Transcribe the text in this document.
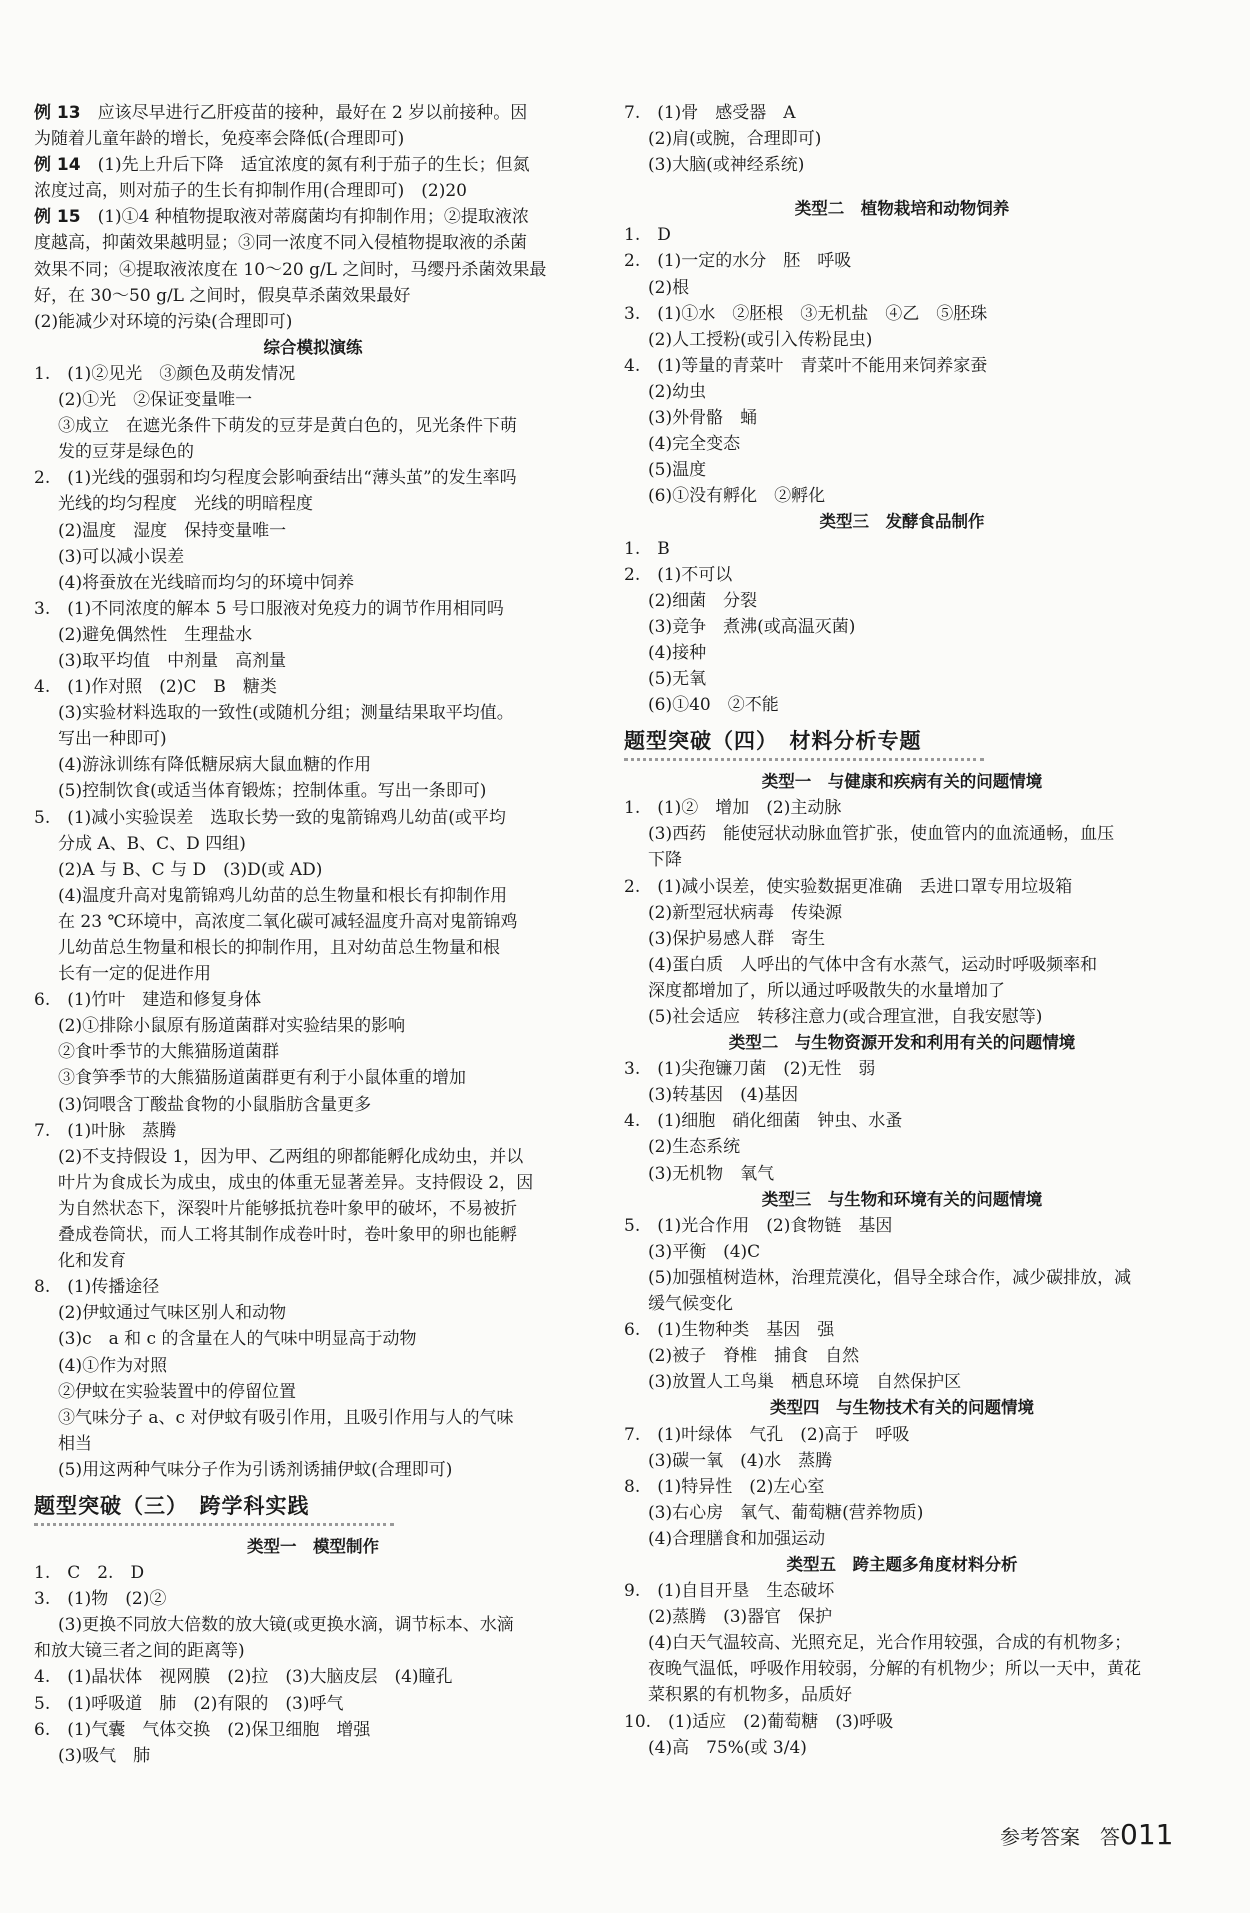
例 13　应该尽早进行乙肝疫苗的接种，最好在 2 岁以前接种。因
为随着儿童年龄的增长，免疫率会降低(合理即可)
例 14　(1)先上升后下降　适宜浓度的氮有利于茄子的生长；但氮
浓度过高，则对茄子的生长有抑制作用(合理即可)　(2)20
例 15　(1)①4 种植物提取液对蒂腐菌均有抑制作用；②提取液浓
度越高，抑菌效果越明显；③同一浓度不同入侵植物提取液的杀菌
效果不同；④提取液浓度在 10～20 g/L 之间时，马缨丹杀菌效果最
好，在 30～50 g/L 之间时，假臭草杀菌效果最好
(2)能减少对环境的污染(合理即可)
综合模拟演练
1.　(1)②见光　③颜色及萌发情况
(2)①光　②保证变量唯一
③成立　在遮光条件下萌发的豆芽是黄白色的，见光条件下萌
发的豆芽是绿色的
2.　(1)光线的强弱和均匀程度会影响蚕结出“薄头茧”的发生率吗
光线的均匀程度　光线的明暗程度
(2)温度　湿度　保持变量唯一
(3)可以减小误差
(4)将蚕放在光线暗而均匀的环境中饲养
3.　(1)不同浓度的解本 5 号口服液对免疫力的调节作用相同吗
(2)避免偶然性　生理盐水
(3)取平均值　中剂量　高剂量
4.　(1)作对照　(2)C　B　糖类
(3)实验材料选取的一致性(或随机分组；测量结果取平均值。
写出一种即可)
(4)游泳训练有降低糖尿病大鼠血糖的作用
(5)控制饮食(或适当体育锻炼；控制体重。写出一条即可)
5.　(1)减小实验误差　选取长势一致的鬼箭锦鸡儿幼苗(或平均
分成 A、B、C、D 四组)
(2)A 与 B、C 与 D　(3)D(或 AD)
(4)温度升高对鬼箭锦鸡儿幼苗的总生物量和根长有抑制作用
在 23 ℃环境中，高浓度二氧化碳可减轻温度升高对鬼箭锦鸡
儿幼苗总生物量和根长的抑制作用，且对幼苗总生物量和根
长有一定的促进作用
6.　(1)竹叶　建造和修复身体
(2)①排除小鼠原有肠道菌群对实验结果的影响
②食叶季节的大熊猫肠道菌群
③食笋季节的大熊猫肠道菌群更有利于小鼠体重的增加
(3)饲喂含丁酸盐食物的小鼠脂肪含量更多
7.　(1)叶脉　蒸腾
(2)不支持假设 1，因为甲、乙两组的卵都能孵化成幼虫，并以
叶片为食成长为成虫，成虫的体重无显著差异。支持假设 2，因
为自然状态下，深裂叶片能够抵抗卷叶象甲的破坏，不易被折
叠成卷筒状，而人工将其制作成卷叶时，卷叶象甲的卵也能孵
化和发育
8.　(1)传播途径
(2)伊蚊通过气味区别人和动物
(3)c　a 和 c 的含量在人的气味中明显高于动物
(4)①作为对照
②伊蚊在实验装置中的停留位置
③气味分子 a、c 对伊蚊有吸引作用，且吸引作用与人的气味
相当
(5)用这两种气味分子作为引诱剂诱捕伊蚊(合理即可)
题型突破（三）　跨学科实践
类型一　模型制作
1.　C　2.　D
3.　(1)物　(2)②
(3)更换不同放大倍数的放大镜(或更换水滴，调节标本、水滴
和放大镜三者之间的距离等)
4.　(1)晶状体　视网膜　(2)拉　(3)大脑皮层　(4)瞳孔
5.　(1)呼吸道　肺　(2)有限的　(3)呼气
6.　(1)气囊　气体交换　(2)保卫细胞　增强
(3)吸气　肺
7.　(1)骨　感受器　A
(2)肩(或腕，合理即可)
(3)大脑(或神经系统)
类型二　植物栽培和动物饲养
1.　D
2.　(1)一定的水分　胚　呼吸
(2)根
3.　(1)①水　②胚根　③无机盐　④乙　⑤胚珠
(2)人工授粉(或引入传粉昆虫)
4.　(1)等量的青菜叶　青菜叶不能用来饲养家蚕
(2)幼虫
(3)外骨骼　蛹
(4)完全变态
(5)温度
(6)①没有孵化　②孵化
类型三　发酵食品制作
1.　B
2.　(1)不可以
(2)细菌　分裂
(3)竞争　煮沸(或高温灭菌)
(4)接种
(5)无氧
(6)①40　②不能
题型突破（四）　材料分析专题
类型一　与健康和疾病有关的问题情境
1.　(1)②　增加　(2)主动脉
(3)西药　能使冠状动脉血管扩张，使血管内的血流通畅，血压
下降
2.　(1)减小误差，使实验数据更准确　丢进口罩专用垃圾箱
(2)新型冠状病毒　传染源
(3)保护易感人群　寄生
(4)蛋白质　人呼出的气体中含有水蒸气，运动时呼吸频率和
深度都增加了，所以通过呼吸散失的水量增加了
(5)社会适应　转移注意力(或合理宣泄，自我安慰等)
类型二　与生物资源开发和利用有关的问题情境
3.　(1)尖孢镰刀菌　(2)无性　弱
(3)转基因　(4)基因
4.　(1)细胞　硝化细菌　钟虫、水蚤
(2)生态系统
(3)无机物　氧气
类型三　与生物和环境有关的问题情境
5.　(1)光合作用　(2)食物链　基因
(3)平衡　(4)C
(5)加强植树造林，治理荒漠化，倡导全球合作，减少碳排放，减
缓气候变化
6.　(1)生物种类　基因　强
(2)被子　脊椎　捕食　自然
(3)放置人工鸟巢　栖息环境　自然保护区
类型四　与生物技术有关的问题情境
7.　(1)叶绿体　气孔　(2)高于　呼吸
(3)碳一氧　(4)水　蒸腾
8.　(1)特异性　(2)左心室
(3)右心房　氧气、葡萄糖(营养物质)
(4)合理膳食和加强运动
类型五　跨主题多角度材料分析
9.　(1)自目开垦　生态破坏
(2)蒸腾　(3)器官　保护
(4)白天气温较高、光照充足，光合作用较强，合成的有机物多；
夜晚气温低，呼吸作用较弱，分解的有机物少；所以一天中，黄花
菜积累的有机物多，品质好
10.　(1)适应　(2)葡萄糖　(3)呼吸
(4)高　75%(或 3/4)
参考答案　答011
